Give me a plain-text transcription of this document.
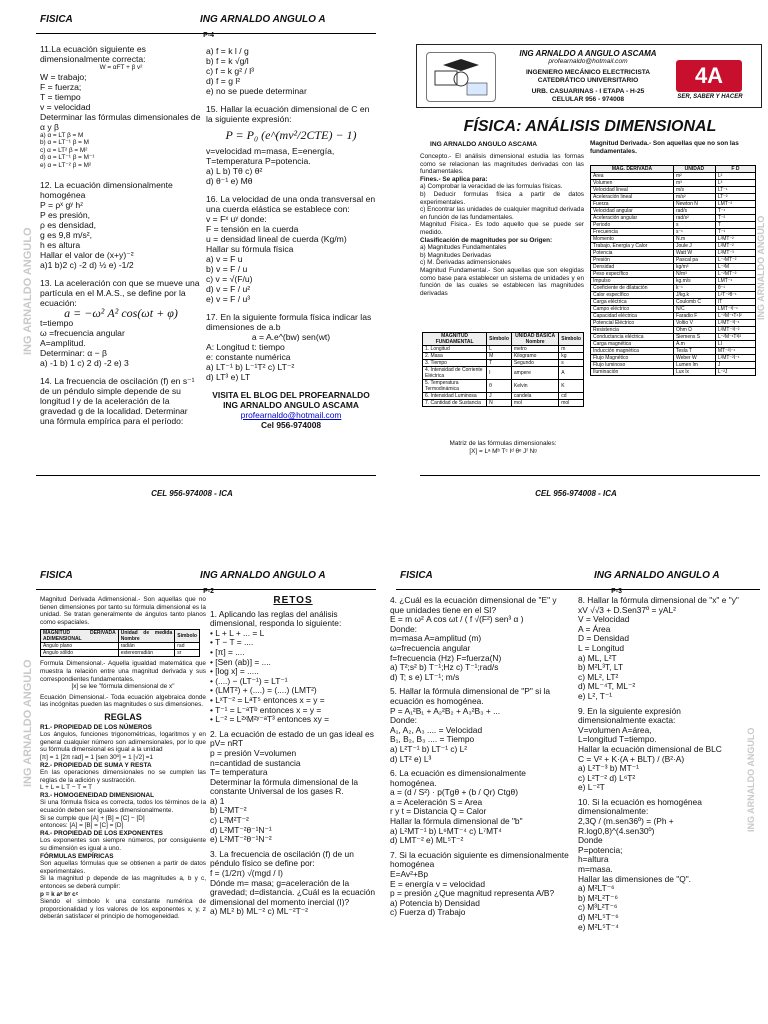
FISICA	ING ARNALDO ANGULO A
P-4
ING ARNALDO ANGULO

11.La ecuación siguiente es dimensionalmente correcta:

W = αFT + β v²

W = trabajo;

F = fuerza;

T = tiempo

v = velocidad

Determinar las fórmulas dimensionales de α y β

a) α = LT β = M

b) α = LT⁻¹ β = M

c) α = LT² β = M²

d) α = LT⁻¹ β = M⁻¹

e) α = LT⁻² β = M²

12. La ecuación dimensionalmente homogénea

P = ρˣ gʸ hᶻ

P es presión,

ρ es densidad,

g es 9,8 m/s²,

h es altura

Hallar el valor de (x+y)⁻²

a)1 b)2 c) -2 d) ½ e) -1/2

13. La aceleración con que se mueve una partícula en el M.A.S., se define por la ecuación:

a = −ω² A² cos(ωt + φ)

t=tiempo

ω =frecuencia angular

A=amplitud.

Determinar: α − β

a) -1 b) 1 c) 2 d) -2 e) 3

14. La frecuencia de oscilación (f) en s⁻¹ de un péndulo simple depende de su longitud l y de la aceleración de la gravedad g de la localidad. Determinar una fórmula empírica para el período:

a) f = k l / g

b) f = k √g/l

c) f = k g² / l³

d) f = g l²

e) no se puede determinar

15. Hallar la ecuación dimensional de C en la siguiente expresión:

P = P₀ (e^(mv²/2CTE) − 1)

v=velocidad m=masa, E=energía, T=temperatura P=potencia.

a) L b) Tθ c) θ²

d) θ⁻¹ e) Mθ

16. La velocidad de una onda transversal en una cuerda elástica se establece con:

v = Fˣ uʸ donde:

F = tensión en la cuerda

u = densidad lineal de cuerda (Kg/m)

Hallar su fórmula física

a) v = F u

b) v = F / u

c) v = √(F/u)

d) v = F / u²

e) v = F / u³

17. En la siguiente formula física indicar las dimensiones de a.b

a = A.e^(bw) sen(wt)

A: Longitud t: tiempo

e: constante numérica

a) LT⁻¹ b) L⁻¹T² c) LT⁻²

d) LT³ e) LT

VISITA EL BLOG DEL PROFEARNALDO

ING ARNALDO ANGULO ASCAMA

profearnaldo@hotmail.com

Cel 956-974008

CEL 956-974008 - ICA

ING ARNALDO A ANGULO ASCAMA

profearnaldo@hotmail.com

INGENIERO MECÁNICO ELECTRICISTA

CATEDRÁTICO UNIVERSITARIO

URB. CASUARINAS - I ETAPA - H-25

CELULAR 956 - 974008

4A
SER, SABER Y HACER
FÍSICA: ANÁLISIS DIMENSIONAL
ING ARNALDO ANGULO ASCAMA

Concepto.- El análisis dimensional estudia las formas como se relacionan las magnitudes derivadas con las fundamentales.

Fines.- Se aplica para:

a) Comprobar la veracidad de las formulas físicas.

b) Deducir formulas física a partir de datos experimentales.

c) Encontrar las unidades de cualquier magnitud derivada en función de las fundamentales.

Magnitud Física.- Es todo aquello que se puede ser medido.

Clasificación de magnitudes por su Origen:

a) Magnitudes Fundamentales

b) Magnitudes Derivadas

c) M. Derivadas adimensionales

Magnitud Fundamental.- Son aquellas que son elegidas como base para establecer un sistema de unidades y en función de las cuales se establecen las magnitudes derivadas

MAGNITUD FUNDAMENTAL	Símbolo	UNIDAD BÁSICA Nombre	Símbolo
1. Longitud	L	metro	m
2. Masa	M	Kilogramo	kg
3. Tiempo	T	Segundo	s
4. Intensidad de Corriente Eléctrica	I	ampere	A
5. Temperatura Termodinámica	θ	Kelvin	K
6. Intensidad Luminosa	J	candela	cd
7. Cantidad de Sustancia	N	mol	mol

Matriz de las fórmulas dimensionales:

[X] = Lᵃ Mᵇ Tᶜ Iᵈ θᵉ Jᶠ Nᵍ

Magnitud Derivada.- Son aquellas que no son las fundamentales.
MAG. DERIVADA	UNIDAD	F D
Área	m²	L²
Volumen	m³	L³
Velocidad lineal	m/s	LT⁻¹
Aceleración lineal	m/s²	LT⁻²
Fuerza	Newton N	LMT⁻²
Velocidad angular	rad/s	T⁻¹
Aceleración angular	rad/s²	T⁻²
Periodo	s	T
Frecuencia	s⁻¹	T⁻¹
Momento	N.m	L²MT⁻²
Trabajo, Energía y Calor	Joule J	L²MT⁻²
Potencia	Watt W	L²MT⁻³
Presión	Pascal pa	L⁻¹MT⁻²
Densidad	kg/m³	L⁻³M
Peso específico	N/m³	L⁻²MT⁻²
Impulso	kg.m/s	LMT⁻¹
Coeficiente de dilatación	k⁻¹	θ⁻¹
Calor específico	J/kg.k	L²T⁻²θ⁻¹
Carga eléctrica	Coulomb C	IT
Campo eléctrico	N/C	LMT⁻³I⁻¹
Capacidad eléctrica	Faradio F	L⁻²M⁻¹T⁴I²
Potencial Eléctrico	Voltio V	L²MT⁻³I⁻¹
Resistencia	Ohm Ω	L²MT⁻³I⁻²
Conductancia eléctrica	Siemens S	L⁻²M⁻¹T³I²
Carga magnética	A.m	LI
Inducción magnética	Tesla T	MT⁻²I⁻¹
Flujo Magnético	Weber W	L²MT⁻²I⁻¹
Flujo luminoso	Lumen lm	J
Iluminación	Lux lx	L⁻²J
ING ARNALDO ANGULO
CEL 956-974008 - ICA
FISICA	ING ARNALDO ANGULO A
P-2
ING ARNALDO ANGULO

Magnitud Derivada Adimensional.- Son aquellas que no tienen dimensiones por tanto su fórmula dimensional es la unidad. Se tratan generalmente de ángulos tanto planos como espaciales.

MAGNITUD DERIVADA ADIMENSIONAL	Unidad de medida Nombre	Símbolo
Angulo plano	radián	rad
Angulo sólido	estereorradián	sr

Formula Dimensional.- Aquella igualdad matemática que muestra la relación entre una magnitud derivada y sus correspondientes fundamentales.

[x] se lee "fórmula dimensional de x"

Ecuación Dimensional.- Toda ecuación algebraica donde las incógnitas pueden las magnitudes o sus dimensiones.

REGLAS

R1.- PROPIEDAD DE LOS NÚMEROS

Los ángulos, funciones trigonométricas, logaritmos y en general cualquier número son adimensionales, por lo que su fórmula dimensional es igual a la unidad

[π] = 1 [2π rad] = 1 [sen 30º] = 1 [√2] =1

R2.- PROPIEDAD DE SUMA Y RESTA

En las operaciones dimensionales no se cumplen las reglas de la adición y sustracción.

L + L = L T − T = T

R3.- HOMOGENEIDAD DIMENSIONAL

Si una fórmula física es correcta, todos los términos de la ecuación deben ser iguales dimensionalmente.

Si se cumple que [A] + [B] = [C] − [D]

entonces: [A] = [B] = [C] = [D]

R4.- PROPIEDAD DE LOS EXPONENTES

Los exponentes son siempre números, por consiguiente su dimensión es igual a uno.

FÓRMULAS EMPÍRICAS

Son aquellas fórmulas que se obtienen a partir de datos experimentales.

Si la magnitud p depende de las magnitudes a, b y c, entonces se deberá cumplir:

p = k aˣ bʸ cᶻ

Siendo el símbolo k una constante numérica de proporcionalidad y los valores de los exponentes x, y, z deberán satisfacer el principio de homogeneidad.

RETOS

1. Aplicando las reglas del análisis dimensional, responda lo siguiente:

• L + L + ... = L

• T − T = ....

• [π] = ....

• [Sen (ab)] = ....

• [log x] = .....

• (....) − (LT⁻¹) = LT⁻¹

• (LMT²) + (....) = (....) (LMT²)

• LˣT⁻² = LᵃT⁵ entonces x = y =

• T⁻¹ = L⁻ᵃTᵇ entonces x = y =

• L⁻² = L²ˣM²ʸ⁻ᵃT³ entonces xy =

2. La ecuación de estado de un gas ideal es

pV= nRT

p = presión V=volumen

n=cantidad de sustancia

T= temperatura

Determinar la fórmula dimensional de la constante Universal de los gases R.

a) 1

b) L²MT⁻²

c) L²M²T⁻²

d) L²MT⁻²θ⁻¹N⁻¹

e) L²MT⁻²θ⁻¹N⁻²

3. La frecuencia de oscilación (f) de un péndulo físico se define por:

f = (1/2π) √(mgd / I)

Dónde m= masa; g=aceleración de la gravedad; d=distancia. ¿Cuál es la ecuación dimensional del momento inercial (I)?

a) ML² b) ML⁻² c) ML⁻²T⁻²

FISICA	ING ARNALDO ANGULO A
P-3

4. ¿Cuál es la ecuación dimensional de "E" y que unidades tiene en el SI?

E = m ω² A cos ωt / ( f √(F²) sen³ α )

Donde:

m=masa A=amplitud (m)

ω=frecuencia angular

f=frecuencia (Hz) F=fuerza(N)

a) T²;s² b) T⁻¹;Hz c) T⁻¹;rad/s

d) T; s e) LT⁻¹; m/s

5. Hallar la fórmula dimensional de "P" si la ecuación es homogénea.

P = A₁²B₁ + A₂²B₂ + A₃²B₃ + ...

Donde:

A₁, A₂, A₃ .... = Velocidad

B₁, B₂, B₃ .... = Tiempo

a) L²T⁻¹ b) LT⁻¹ c) L²

d) LT² e) L³

6. La ecuación es dimensionalmente homogénea.

a = (d / S²) · p(Tgθ + (b / Qr) Ctgθ)

a = Aceleración S = Area

r y t = Distancia Q = Calor

Hallar la fórmula dimensional de "b"

a) L²MT⁻¹ b) L⁶MT⁻⁴ c) L⁷MT⁴

d) LMT⁻² e) ML⁵T⁻²

7. Si la ecuación siguiente es dimensionalmente homogénea

E=Av²+Bp

E = energía v = velocidad

p = presión ¿Que magnitud representa A/B?

a) Potencia b) Densidad

c) Fuerza d) Trabajo

8. Hallar la fórmula dimensional de "x" e "y"

xV √√3 + D.Sen37º = yAL²

V = Velocidad

A = Área

D = Densidad

L = Longitud

a) ML, L²T

b) M²L³T, LT

c) ML², LT²

d) ML⁻⁴T, ML⁻²

e) L², T⁻¹

9. En la siguiente expresión dimensionalmente exacta:

V=volumen A=área,

L=longitud T=tiempo.

Hallar la ecuación dimensional de BLC

C = V² + K·(A + BLT) / (B²·A)

a) L²T⁻³ b) MT⁻¹

c) L²T⁻² d) L⁶T²

e) L⁻²T

10. Si la ecuación es homogénea dimensionalmente:

2,3Q / (m.sen36º) = (Ph + R.log0,8)^(4.sen30º)

Donde

P=potencia;

h=altura

m=masa.

Hallar las dimensiones de "Q".

a) M²LT⁻⁶

b) M²L²T⁻⁶

c) M³L²T⁻⁶

d) M²L⁵T⁻⁶

e) M²L⁵T⁻⁴

ING ARNALDO ANGULO
